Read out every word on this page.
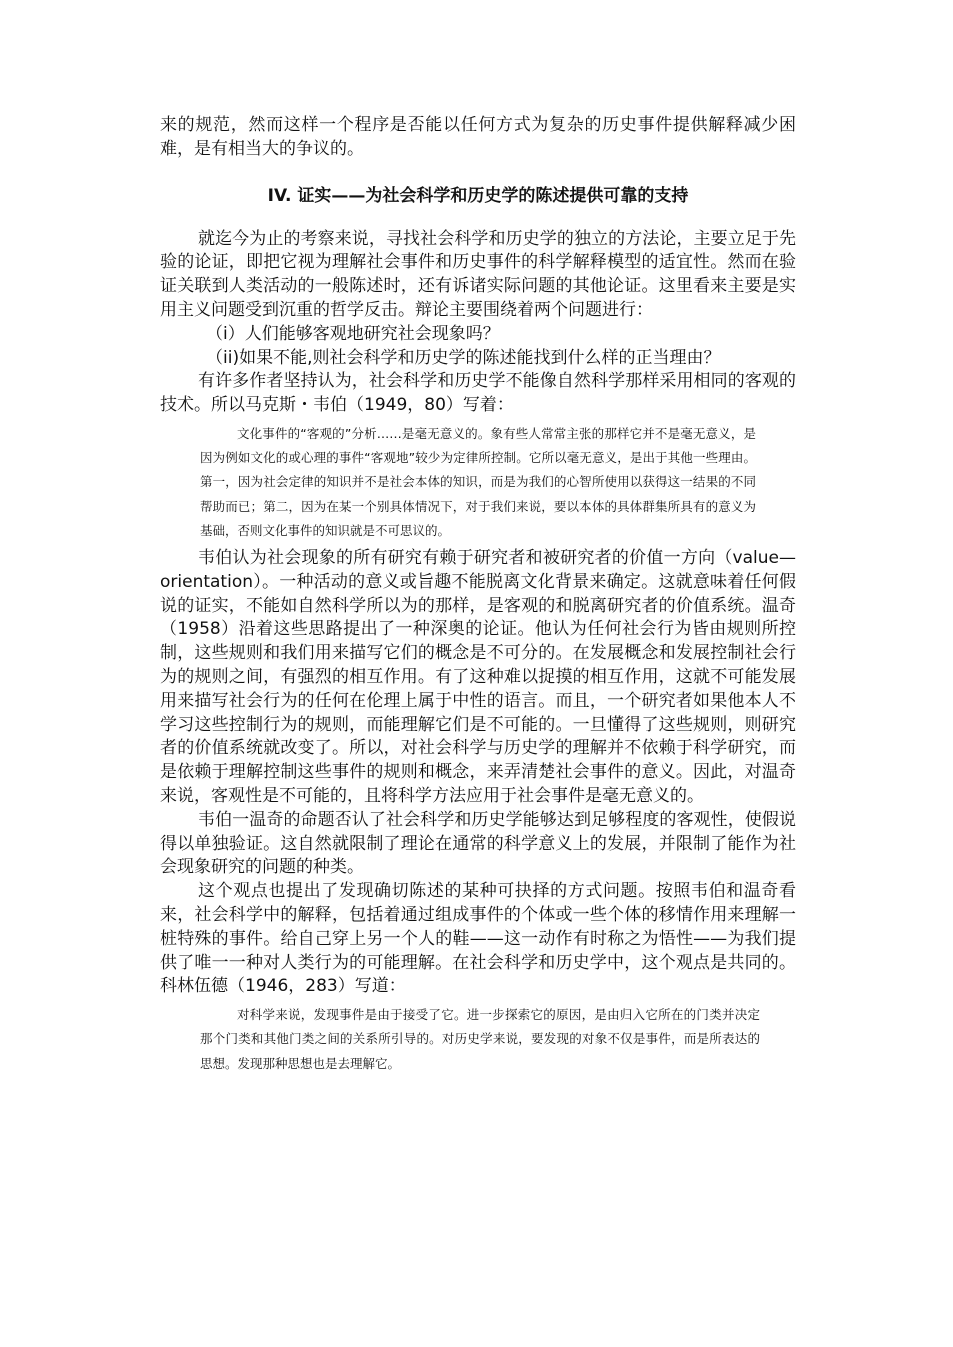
来的规范，然而这样一个程序是否能以任何方式为复杂的历史事件提供解释减少困难，是有相当大的争议的。

IV. 证实——为社会科学和历史学的陈述提供可靠的支持

就迄今为止的考察来说，寻找社会科学和历史学的独立的方法论，主要立足于先验的论证，即把它视为理解社会事件和历史事件的科学解释模型的适宜性。然而在验证关联到人类活动的一般陈述时，还有诉诸实际问题的其他论证。这里看来主要是实用主义问题受到沉重的哲学反击。辩论主要围绕着两个问题进行：

（i）人们能够客观地研究社会现象吗？

（ii)如果不能,则社会科学和历史学的陈述能找到什么样的正当理由？

有许多作者坚持认为，社会科学和历史学不能像自然科学那样采用相同的客观的技术。所以马克斯・韦伯（1949，80）写着：

文化事件的“客观的”分析……是毫无意义的。象有些人常常主张的那样它并不是毫无意义，是因为例如文化的或心理的事件“客观地”较少为定律所控制。它所以毫无意义，是出于其他一些理由。第一，因为社会定律的知识并不是社会本体的知识，而是为我们的心智所使用以获得这一结果的不同帮助而已；第二，因为在某一个别具体情况下，对于我们来说，要以本体的具体群集所具有的意义为基础，否则文化事件的知识就是不可思议的。

韦伯认为社会现象的所有研究有赖于研究者和被研究者的价值一方向（value—orientation）。一种活动的意义或旨趣不能脱离文化背景来确定。这就意味着任何假说的证实，不能如自然科学所以为的那样，是客观的和脱离研究者的价值系统。温奇（1958）沿着这些思路提出了一种深奥的论证。他认为任何社会行为皆由规则所控制，这些规则和我们用来描写它们的概念是不可分的。在发展概念和发展控制社会行为的规则之间，有强烈的相互作用。有了这种难以捉摸的相互作用，这就不可能发展用来描写社会行为的任何在伦理上属于中性的语言。而且，一个研究者如果他本人不学习这些控制行为的规则，而能理解它们是不可能的。一旦懂得了这些规则，则研究者的价值系统就改变了。所以，对社会科学与历史学的理解并不依赖于科学研究，而是依赖于理解控制这些事件的规则和概念，来弄清楚社会事件的意义。因此，对温奇来说，客观性是不可能的，且将科学方法应用于社会事件是毫无意义的。

韦伯一温奇的命题否认了社会科学和历史学能够达到足够程度的客观性，使假说得以单独验证。这自然就限制了理论在通常的科学意义上的发展，并限制了能作为社会现象研究的问题的种类。

这个观点也提出了发现确切陈述的某种可抉择的方式问题。按照韦伯和温奇看来，社会科学中的解释，包括着通过组成事件的个体或一些个体的移情作用来理解一桩特殊的事件。给自己穿上另一个人的鞋——这一动作有时称之为悟性——为我们提供了唯一一种对人类行为的可能理解。在社会科学和历史学中，这个观点是共同的。科林伍德（1946，283）写道：

对科学来说，发现事件是由于接受了它。进一步探索它的原因，是由归入它所在的门类并决定那个门类和其他门类之间的关系所引导的。对历史学来说，要发现的对象不仅是事件，而是所表达的思想。发现那种思想也是去理解它。
